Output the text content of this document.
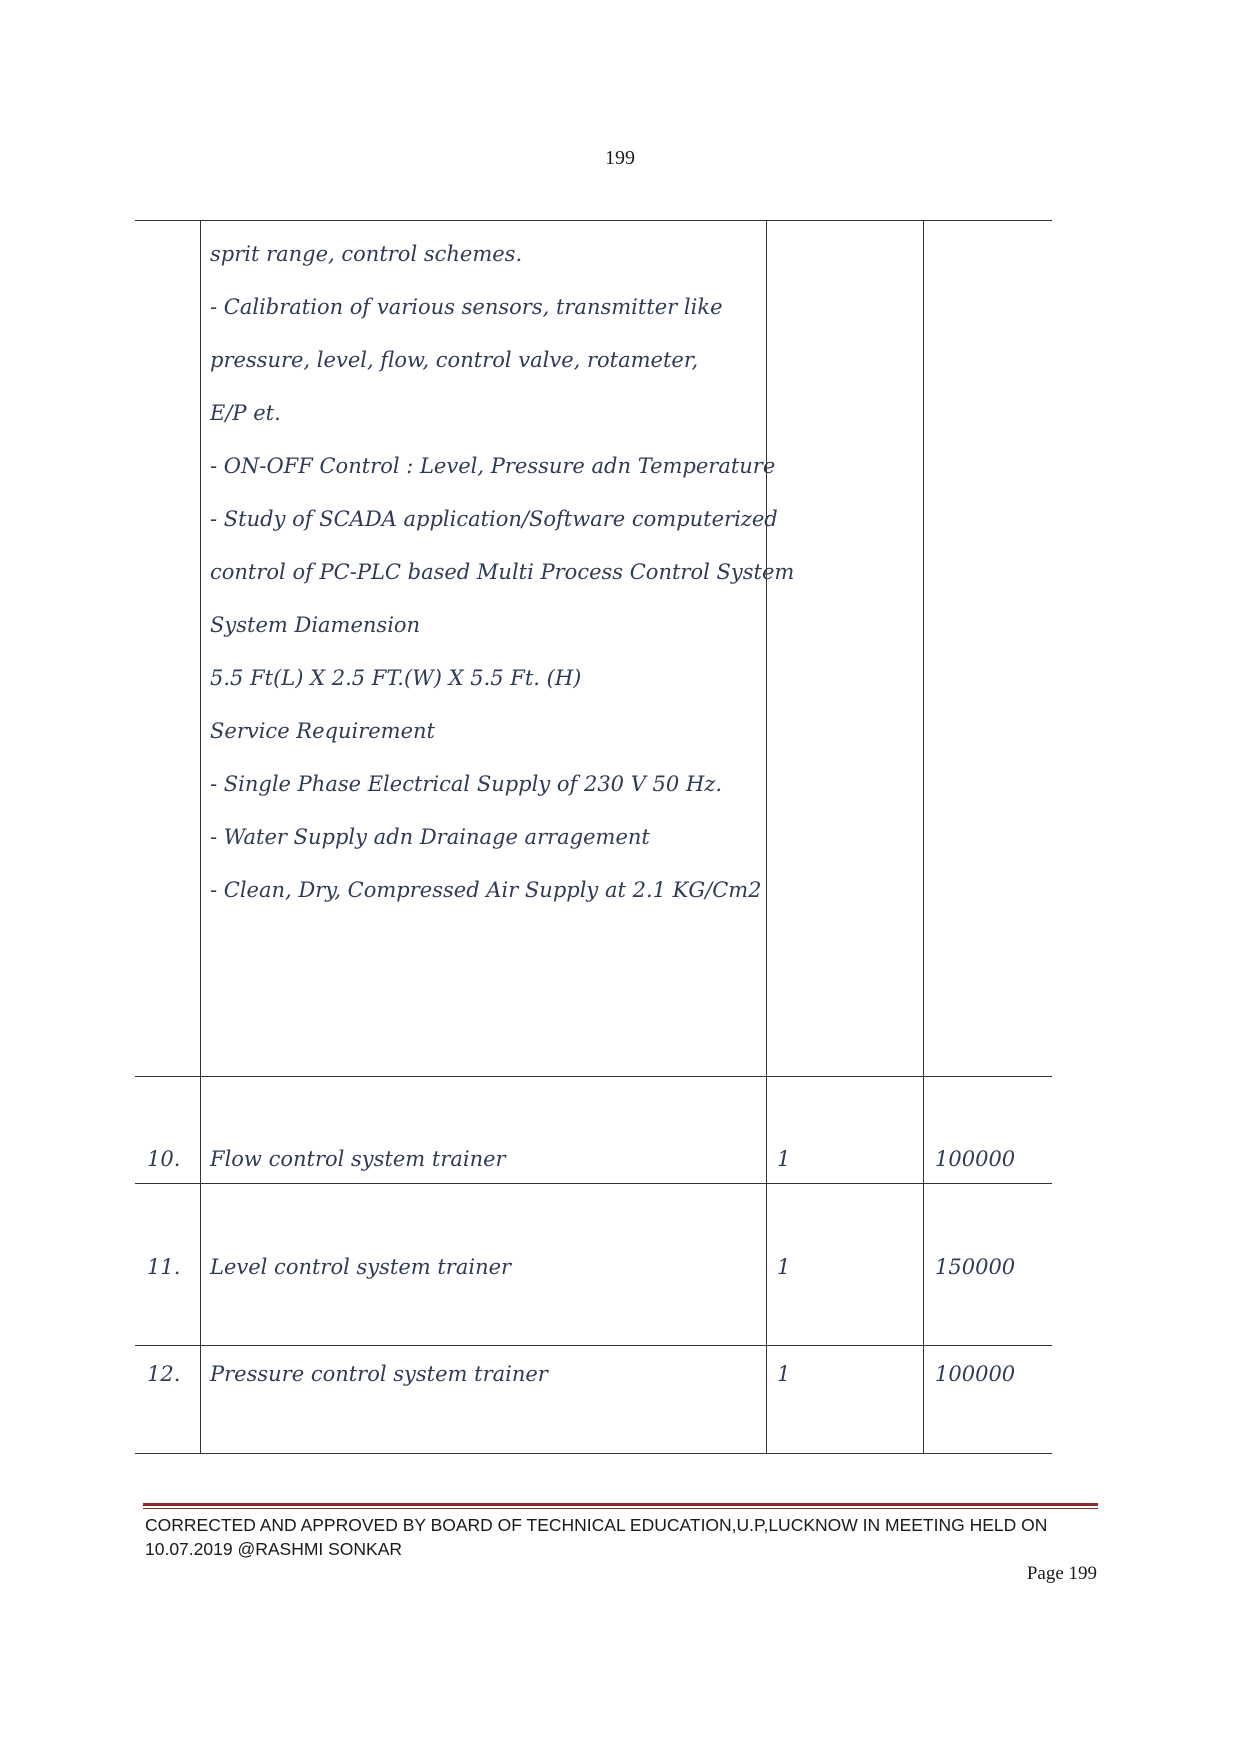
199
sprit range, control schemes.
- Calibration of various sensors, transmitter like
pressure, level, flow, control valve, rotameter,
E/P et.
- ON-OFF Control : Level, Pressure adn Temperature
- Study of SCADA application/Software computerized
control of PC-PLC based Multi Process Control System
System Diamension
5.5 Ft(L) X 2.5 FT.(W) X 5.5 Ft. (H)
Service Requirement
- Single Phase Electrical Supply of 230 V 50 Hz.
- Water Supply adn Drainage arragement
- Clean, Dry, Compressed Air Supply at 2.1 KG/Cm2
10. Flow control system trainer	1	100000
11. Level control system trainer	1	150000
12. Pressure control system trainer	1	100000
CORRECTED AND APPROVED BY BOARD OF TECHNICAL EDUCATION,U.P,LUCKNOW IN MEETING HELD ON
10.07.2019 @RASHMI SONKAR
Page 199
